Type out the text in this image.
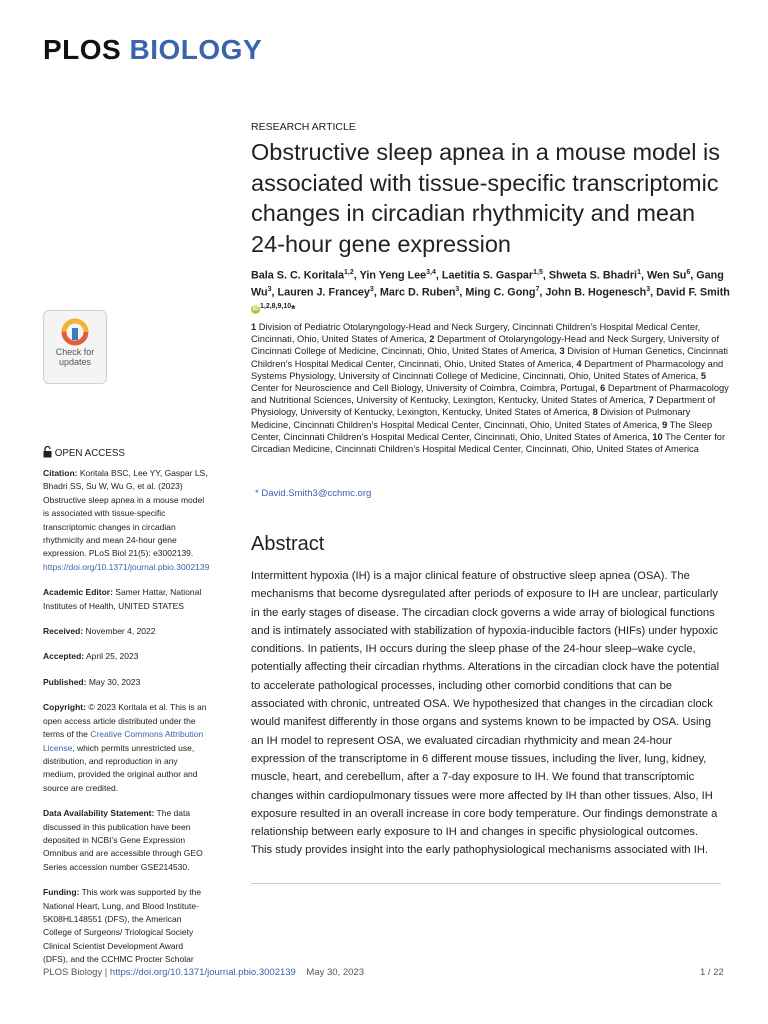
PLOS BIOLOGY
RESEARCH ARTICLE
Obstructive sleep apnea in a mouse model is associated with tissue-specific transcriptomic changes in circadian rhythmicity and mean 24-hour gene expression
Bala S. C. Koritala$^{1,2}$, Yin Yeng Lee$^{3,4}$, Laetitia S. Gaspar$^{1,5}$, Shweta S. Bhadri$^1$, Wen Su$^6$, Gang Wu$^3$, Lauren J. Francey$^3$, Marc D. Ruben$^3$, Ming C. Gong$^7$, John B. Hogenesch$^3$, David F. SmithiD $^{1,2,8,9,10}$*
1 Division of Pediatric Otolaryngology-Head and Neck Surgery, Cincinnati Children’s Hospital Medical Center, Cincinnati, Ohio, United States of America, 2 Department of Otolaryngology-Head and Neck Surgery, University of Cincinnati College of Medicine, Cincinnati, Ohio, United States of America, 3 Division of Human Genetics, Cincinnati Children’s Hospital Medical Center, Cincinnati, Ohio, United States of America, 4 Department of Pharmacology and Systems Physiology, University of Cincinnati College of Medicine, Cincinnati, Ohio, United States of America, 5 Center for Neuroscience and Cell Biology, University of Coimbra, Coimbra, Portugal, 6 Department of Pharmacology and Nutritional Sciences, University of Kentucky, Lexington, Kentucky, United States of America, 7 Department of Physiology, University of Kentucky, Lexington, Kentucky, United States of America, 8 Division of Pulmonary Medicine, Cincinnati Children’s Hospital Medical Center, Cincinnati, Ohio, United States of America, 9 The Sleep Center, Cincinnati Children’s Hospital Medical Center, Cincinnati, Ohio, United States of America, 10 The Center for Circadian Medicine, Cincinnati Children’s Hospital Medical Center, Cincinnati, Ohio, United States of America
* David.Smith3@cchmc.org
Abstract

Intermittent hypoxia (IH) is a major clinical feature of obstructive sleep apnea (OSA). The mechanisms that become dysregulated after periods of exposure to IH are unclear, particularly in the early stages of disease. The circadian clock governs a wide array of biological functions and is intimately associated with stabilization of hypoxia-inducible factors (HIFs) under hypoxic conditions. In patients, IH occurs during the sleep phase of the 24-hour sleep–wake cycle, potentially affecting their circadian rhythms. Alterations in the circadian clock have the potential to accelerate pathological processes, including other comorbid conditions that can be associated with chronic, untreated OSA. We hypothesized that changes in the circadian clock would manifest differently in those organs and systems known to be impacted by OSA. Using an IH model to represent OSA, we evaluated circadian rhythmicity and mean 24-hour expression of the transcriptome in 6 different mouse tissues, including the liver, lung, kidney, muscle, heart, and cerebellum, after a 7-day exposure to IH. We found that transcriptomic changes within cardiopulmonary tissues were more affected by IH than other tissues. Also, IH exposure resulted in an overall increase in core body temperature. Our findings demonstrate a relationship between early exposure to IH and changes in specific physiological outcomes. This study provides insight into the early pathophysiological mechanisms associated with IH.

Check for
updates
OPEN ACCESS
Citation: Koritala BSC, Lee YY, Gaspar LS, Bhadri SS, Su W, Wu G, et al. (2023) Obstructive sleep apnea in a mouse model is associated with tissue-specific transcriptomic changes in circadian rhythmicity and mean 24-hour gene expression. PLoS Biol 21(5): e3002139. https://doi.org/10.1371/journal.pbio.3002139
Academic Editor: Samer Hattar, National Institutes of Health, UNITED STATES
Received: November 4, 2022
Accepted: April 25, 2023
Published: May 30, 2023
Copyright: © 2023 Koritala et al. This is an open access article distributed under the terms of the Creative Commons Attribution License, which permits unrestricted use, distribution, and reproduction in any medium, provided the original author and source are credited.
Data Availability Statement: The data discussed in this publication have been deposited in NCBI’s Gene Expression Omnibus and are accessible through GEO Series accession number GSE214530.
Funding: This work was supported by the National Heart, Lung, and Blood Institute-5K08HL148551 (DFS), the American College of Surgeons/ Triological Society Clinical Scientist Development Award (DFS), and the CCHMC Procter Scholar
PLOS Biology | https://doi.org/10.1371/journal.pbio.3002139 May 30, 2023	1 / 22
